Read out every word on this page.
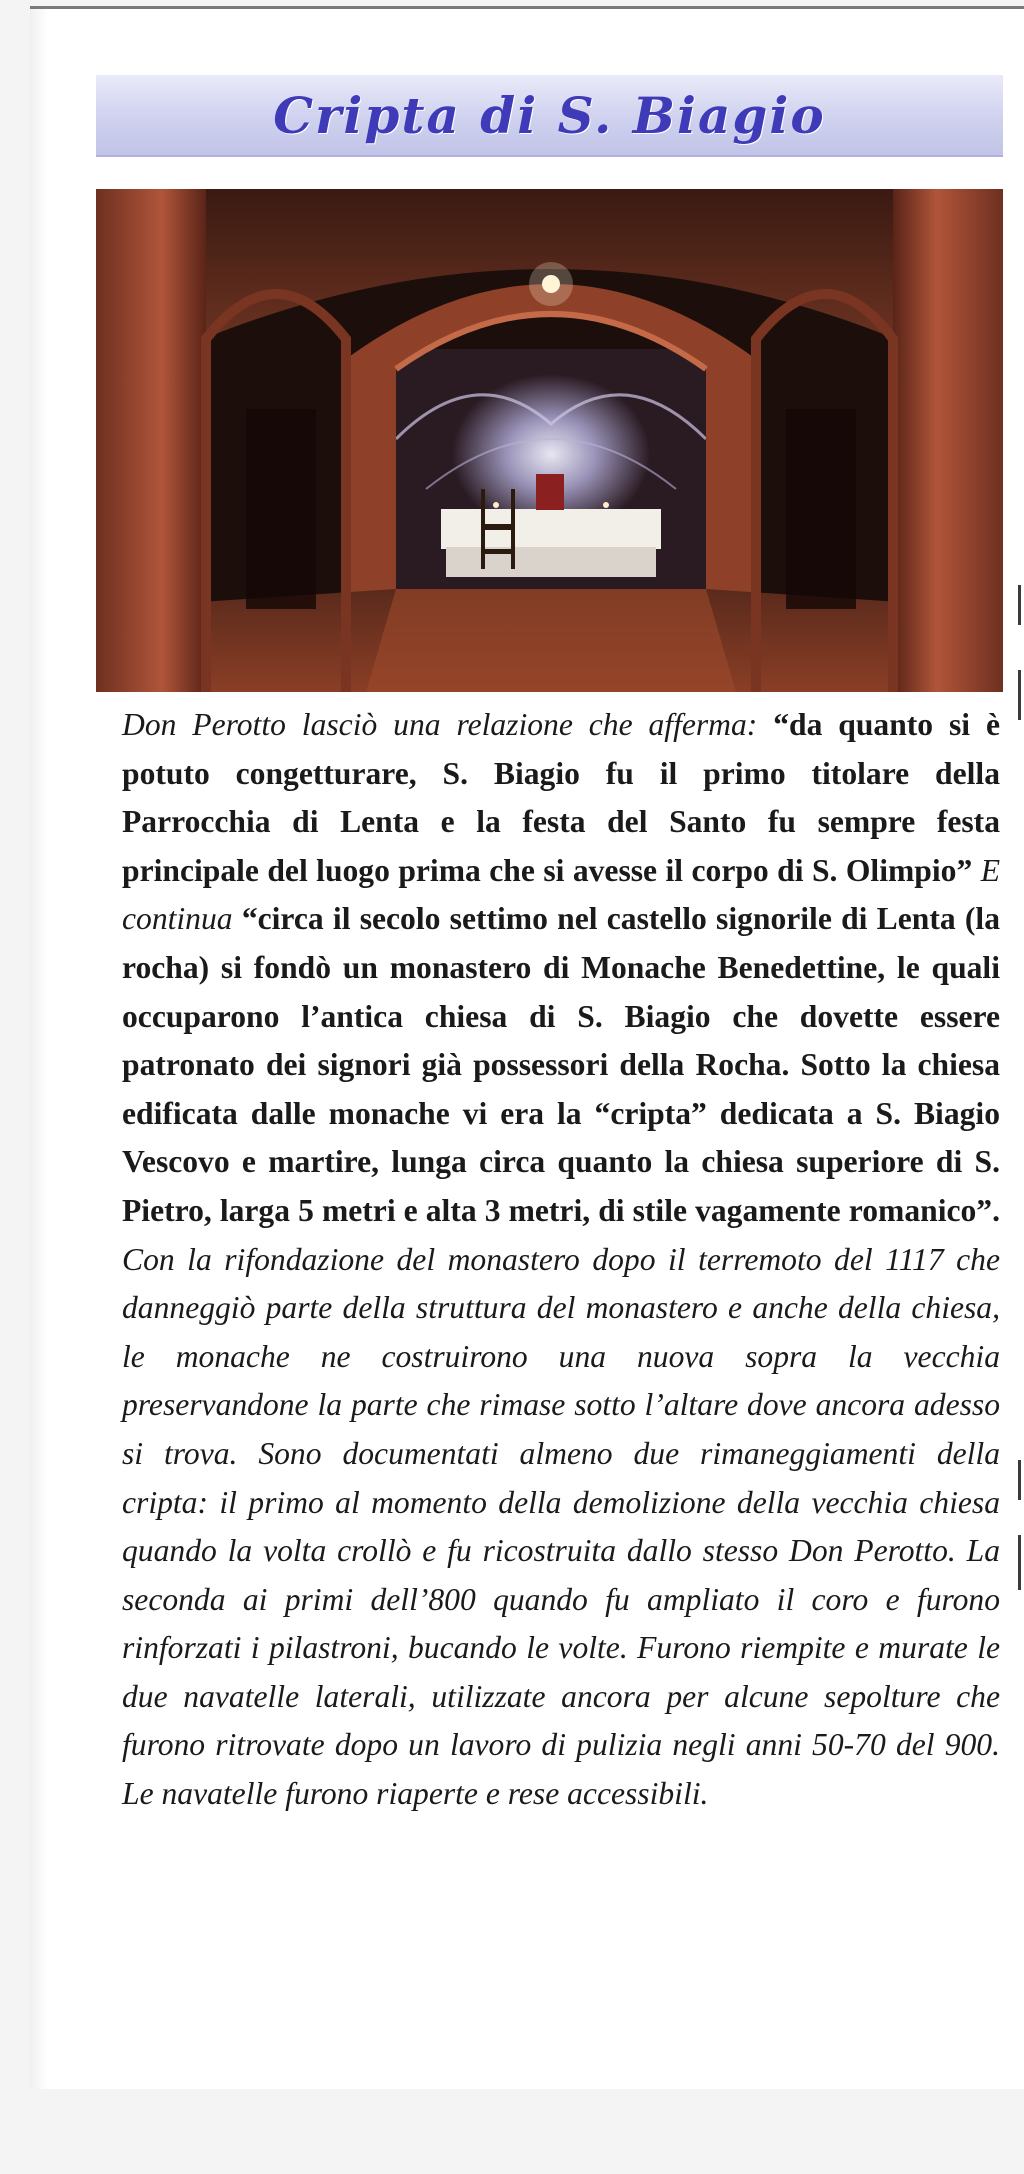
Cripta di S. Biagio

Don Perotto lasciò una relazione che afferma: “da quanto si è potuto congetturare, S. Biagio fu il primo titolare della Parrocchia di Lenta e la festa del Santo fu sempre festa principale del luogo prima che si avesse il corpo di S. Olimpio” E continua “circa il secolo settimo nel castello signorile di Lenta (la rocha) si fondò un monastero di Monache Benedettine, le quali occuparono l’antica chiesa di S. Biagio che dovette essere patronato dei signori già possessori della Rocha. Sotto la chiesa edificata dalle monache vi era la “cripta” dedicata a S. Biagio Vescovo e martire, lunga circa quanto la chiesa superiore di S. Pietro, larga 5 metri e alta 3 metri, di stile vagamente romanico”. Con la rifondazione del monastero dopo il terremoto del 1117 che danneggiò parte della struttura del monastero e anche della chiesa, le monache ne costruirono una nuova sopra la vecchia preservandone la parte che rimase sotto l’altare dove ancora adesso si trova. Sono documentati almeno due rimaneggiamenti della cripta: il primo al momento della demolizione della vecchia chiesa quando la volta crollò e fu ricostruita dallo stesso Don Perotto. La seconda ai primi dell’800 quando fu ampliato il coro e furono rinforzati i pilastroni, bucando le volte. Furono riempite e murate le due navatelle laterali, utilizzate ancora per alcune sepolture che furono ritrovate dopo un lavoro di pulizia negli anni 50-70 del 900. Le navatelle furono riaperte e rese accessibili.
